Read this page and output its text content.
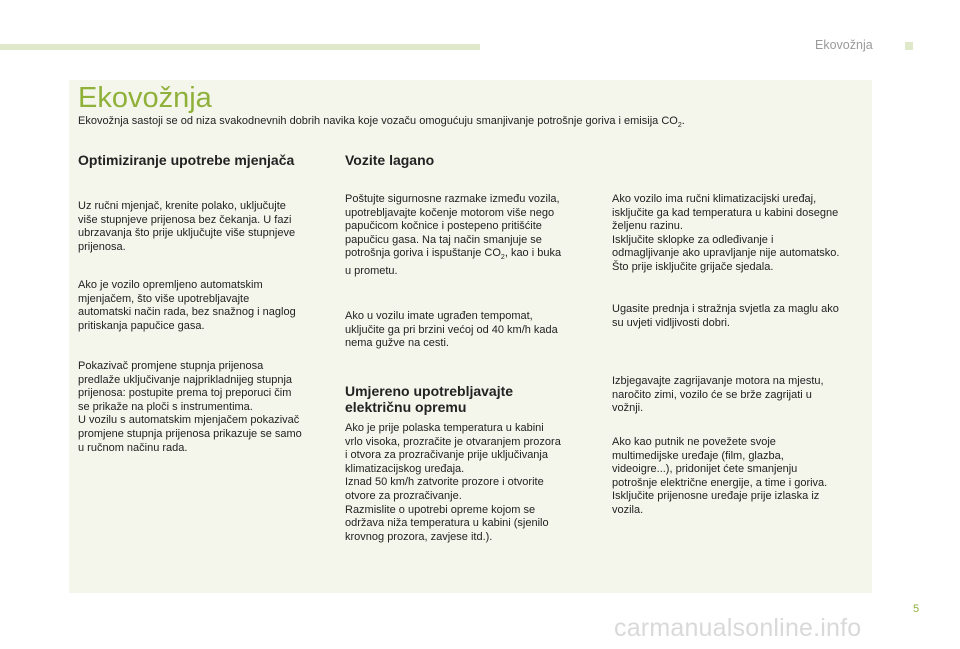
Ekovožnja
Ekovožnja
Ekovožnja sastoji se od niza svakodnevnih dobrih navika koje vozaču omogućuju smanjivanje potrošnje goriva i emisija $CO_2$.
Optimiziranje upotrebe mjenjača

Uz ručni mjenjač, krenite polako, uključujte
više stupnjeve prijenosa bez čekanja. U fazi
ubrzavanja što prije uključujte više stupnjeve
prijenosa.

Ako je vozilo opremljeno automatskim
mjenjačem, što više upotrebljavajte
automatski način rada, bez snažnog i naglog
pritiskanja papučice gasa.

Pokazivač promjene stupnja prijenosa
predlaže uključivanje najprikladnijeg stupnja
prijenosa: postupite prema toj preporuci čim
se prikaže na ploči s instrumentima.
U vozilu s automatskim mjenjačem pokazivač
promjene stupnja prijenosa prikazuje se samo
u ručnom načinu rada.

Vozite lagano

Poštujte sigurnosne razmake između vozila,
upotrebljavajte kočenje motorom više nego
papučicom kočnice i postepeno pritišćite
papučicu gasa. Na taj način smanjuje se
potrošnja goriva i ispuštanje $CO_2$, kao i buka
u prometu.

Ako u vozilu imate ugrađen tempomat,
uključite ga pri brzini većoj od 40 km/h kada
nema gužve na cesti.

Umjereno upotrebljavajte
električnu opremu

Ako je prije polaska temperatura u kabini
vrlo visoka, prozračite je otvaranjem prozora
i otvora za prozračivanje prije uključivanja
klimatizacijskog uređaja.
Iznad 50 km/h zatvorite prozore i otvorite
otvore za prozračivanje.
Razmislite o upotrebi opreme kojom se
održava niža temperatura u kabini (sjenilo
krovnog prozora, zavjese itd.).

Ako vozilo ima ručni klimatizacijski uređaj,
isključite ga kad temperatura u kabini dosegne
željenu razinu.
Isključite sklopke za odleđivanje i
odmagljivanje ako upravljanje nije automatsko.
Što prije isključite grijače sjedala.

Ugasite prednja i stražnja svjetla za maglu ako
su uvjeti vidljivosti dobri.

Izbjegavajte zagrijavanje motora na mjestu,
naročito zimi, vozilo će se brže zagrijati u
vožnji.

Ako kao putnik ne povežete svoje
multimedijske uređaje (film, glazba,
videoigre...), pridonijet ćete smanjenju
potrošnje električne energije, a time i goriva.
Isključite prijenosne uređaje prije izlaska iz
vozila.

5
carmanualsonline.info
